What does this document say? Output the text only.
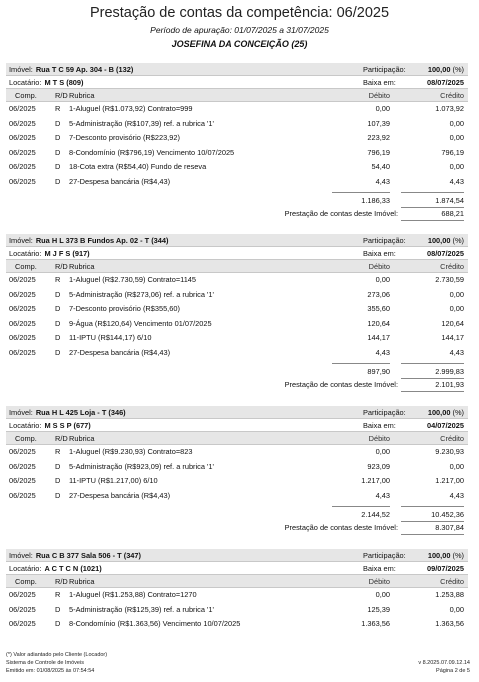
Prestação de contas da competência: 06/2025
Período de apuração: 01/07/2025 a 31/07/2025
JOSEFINA DA CONCEIÇÃO (25)
Imóvel: Rua T C 59 Ap. 304 - B (132)	Participação:	100,00 (%)
Locatário: M T S (809)	Baixa em:	08/07/2025
Comp. R/D Rubrica	Débito	Crédito
06/2025	R 1-Aluguel (R$1.073,92) Contrato=999	0,00	1.073,92
06/2025	D 5-Administração (R$107,39) ref. a rubrica '1'	107,39	0,00
06/2025	D 7-Desconto provisório (R$223,92)	223,92	0,00
06/2025	D 8-Condomínio (R$796,19) Vencimento 10/07/2025	796,19	796,19
06/2025	D 18-Cota extra (R$54,40) Fundo de reseva	54,40	0,00
06/2025	D 27-Despesa bancária (R$4,43)	4,43	4,43
1.186,33	1.874,54
Prestação de contas deste Imóvel:	688,21
Imóvel: Rua H L 373 B Fundos Ap. 02 - T (344)	Participação:	100,00 (%)
Locatário: M J F S (917)	Baixa em:	08/07/2025
Comp. R/D Rubrica	Débito	Crédito
06/2025	R 1-Aluguel (R$2.730,59) Contrato=1145	0,00	2.730,59
06/2025	D 5-Administração (R$273,06) ref. a rubrica '1'	273,06	0,00
06/2025	D 7-Desconto provisório (R$355,60)	355,60	0,00
06/2025	D 9-Água (R$120,64) Vencimento 01/07/2025	120,64	120,64
06/2025	D 11-IPTU (R$144,17) 6/10	144,17	144,17
06/2025	D 27-Despesa bancária (R$4,43)	4,43	4,43
897,90	2.999,83
Prestação de contas deste Imóvel:	2.101,93
Imóvel: Rua H L 425 Loja - T (346)	Participação:	100,00 (%)
Locatário: M S S P (677)	Baixa em:	04/07/2025
Comp. R/D Rubrica	Débito	Crédito
06/2025	R 1-Aluguel (R$9.230,93) Contrato=823	0,00	9.230,93
06/2025	D 5-Administração (R$923,09) ref. a rubrica '1'	923,09	0,00
06/2025	D 11-IPTU (R$1.217,00) 6/10	1.217,00	1.217,00
06/2025	D 27-Despesa bancária (R$4,43)	4,43	4,43
2.144,52	10.452,36
Prestação de contas deste Imóvel:	8.307,84
Imóvel: Rua C B 377 Sala 506 - T (347)	Participação:	100,00 (%)
Locatário: A C T C N (1021)	Baixa em:	09/07/2025
Comp. R/D Rubrica	Débito	Crédito
06/2025	R 1-Aluguel (R$1.253,88) Contrato=1270	0,00	1.253,88
06/2025	D 5-Administração (R$125,39) ref. a rubrica '1'	125,39	0,00
06/2025	D 8-Condomínio (R$1.363,56) Vencimento 10/07/2025	1.363,56	1.363,56
(*) Valor adiantado pelo Cliente (Locador)
Sistema de Controle de Imóveis
Emitido em: 01/08/2025 às 07:54:54
v 8.2025.07.09.12.14
Página 2 de 5
